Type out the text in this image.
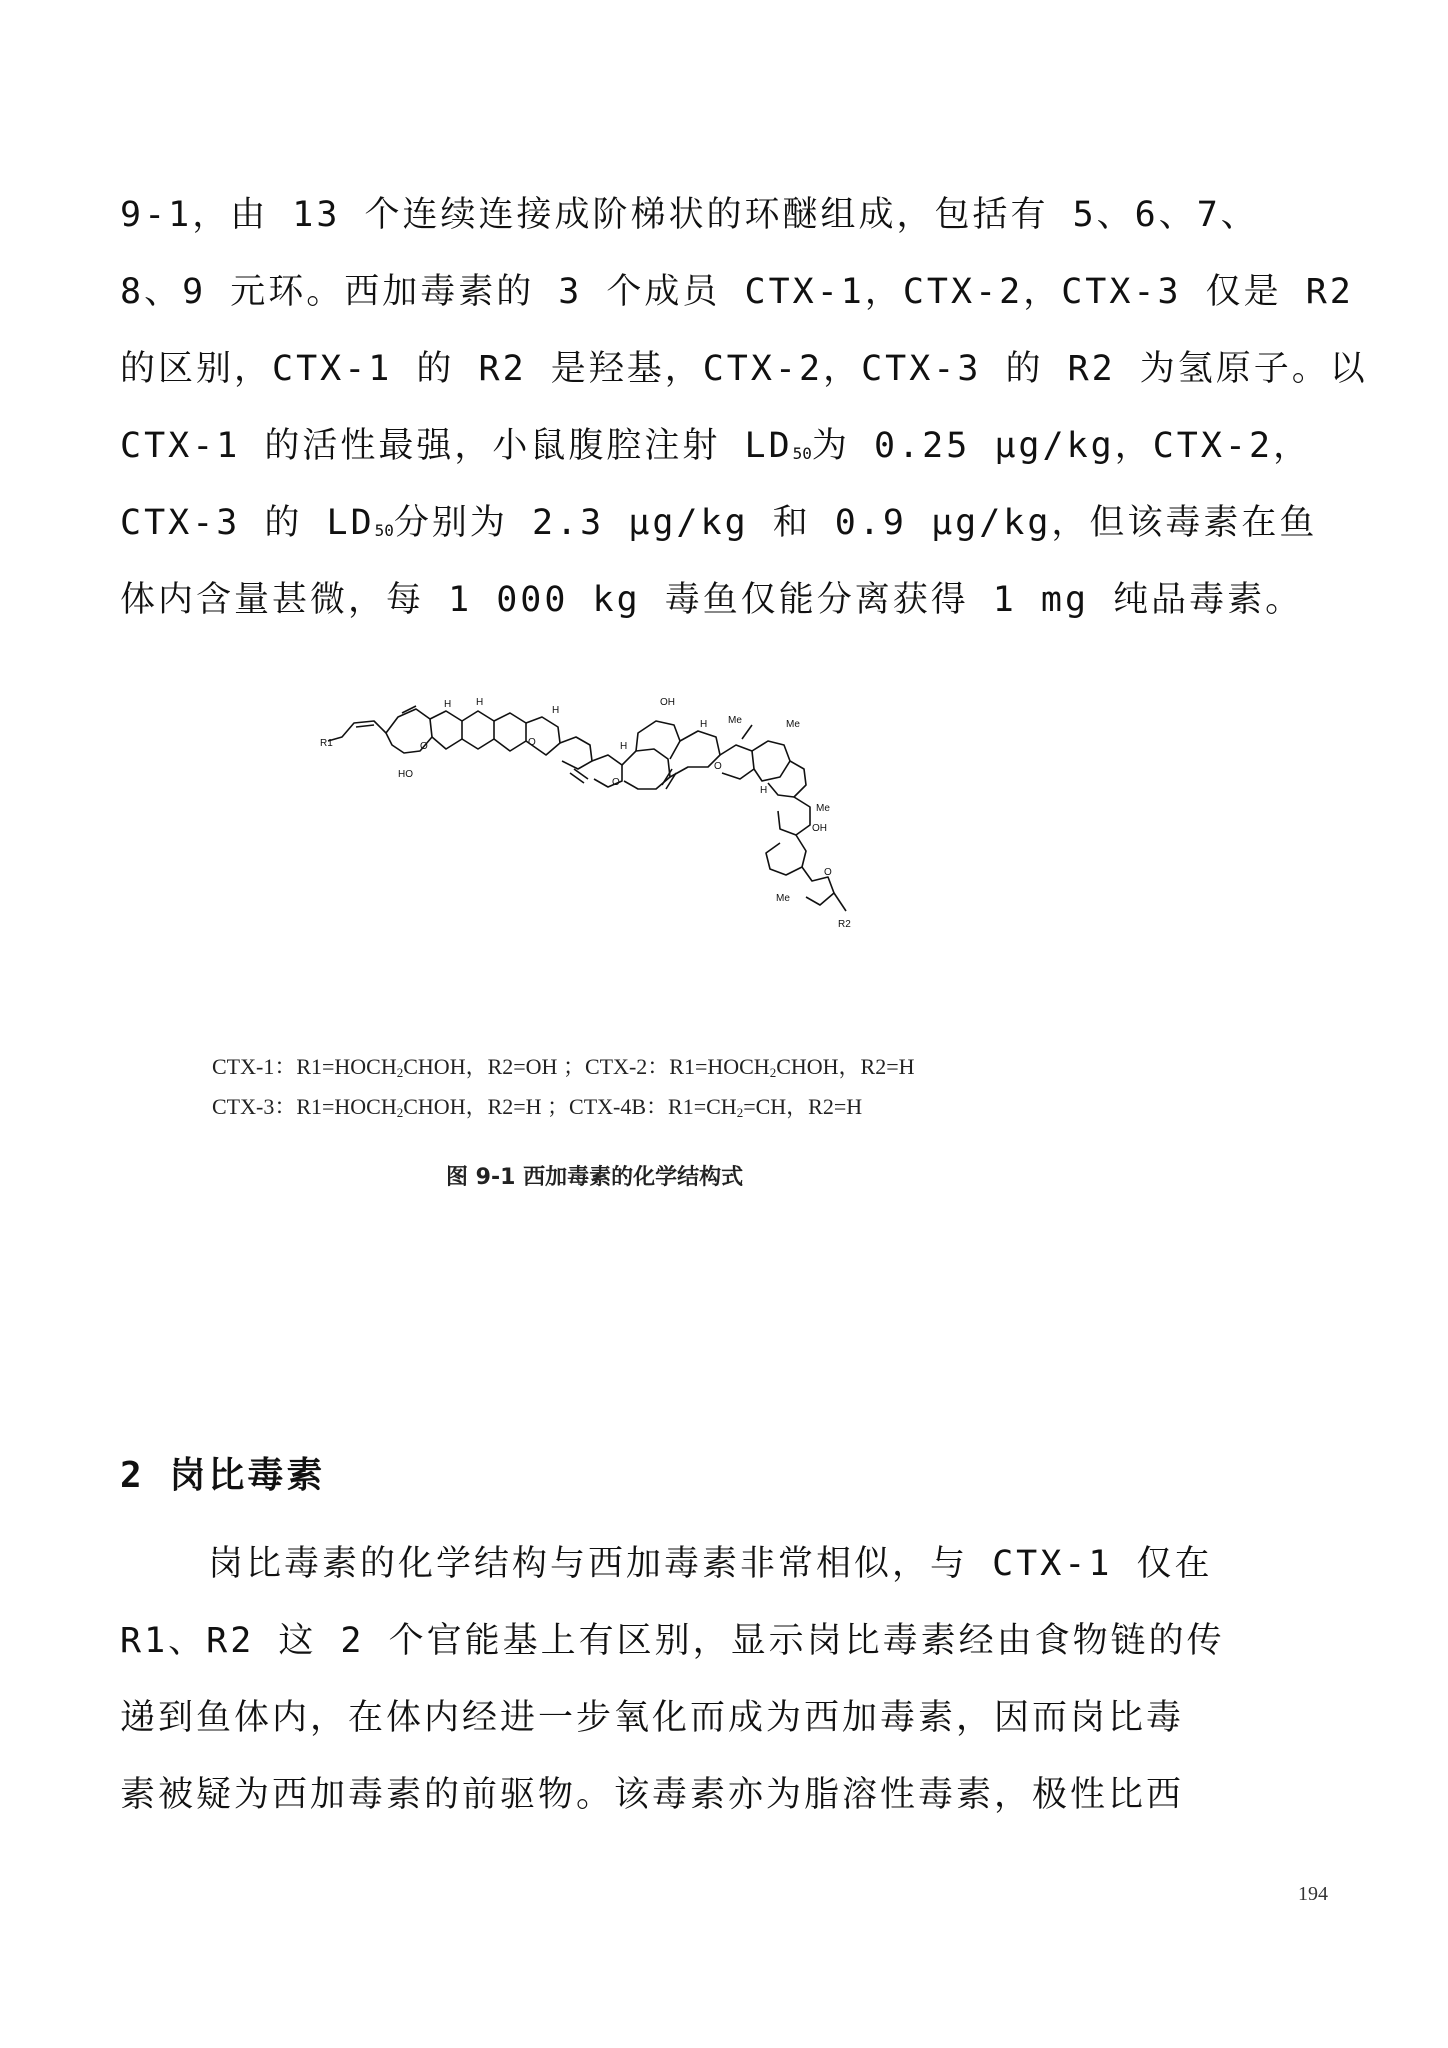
9-1，由 13 个连续连接成阶梯状的环醚组成，包括有 5、6、7、
8、9 元环。西加毒素的 3 个成员 CTX-1，CTX-2，CTX-3 仅是 R2
的区别，CTX-1 的 R2 是羟基，CTX-2，CTX-3 的 R2 为氢原子。以
CTX-1 的活性最强，小鼠腹腔注射 $LD_{50}$为 0.25 μg/kg，CTX-2，
CTX-3 的 $LD_{50}$分别为 2.3 μg/kg 和 0.9 μg/kg，但该毒素在鱼
体内含量甚微，每 1 000 kg 毒鱼仅能分离获得 1 mg 纯品毒素。
R1
R2
H H
H
H
H
H
HO
OH
OH
Me	Me
Me
Me
O	O
O
O
O
CTX-1：$R1=HOCH_2CHOH$，R2=OH ；CTX-2：$R1=HOCH_2CHOH$，R2=H
CTX-3：$R1=HOCH_2CHOH$，R2=H ；CTX-4B：$R1=CH_2=CH$，R2=H
图 9-1 西加毒素的化学结构式
2 岗比毒素
岗比毒素的化学结构与西加毒素非常相似，与 CTX-1 仅在
R1、R2 这 2 个官能基上有区别，显示岗比毒素经由食物链的传
递到鱼体内，在体内经进一步氧化而成为西加毒素，因而岗比毒
素被疑为西加毒素的前驱物。该毒素亦为脂溶性毒素，极性比西
194
